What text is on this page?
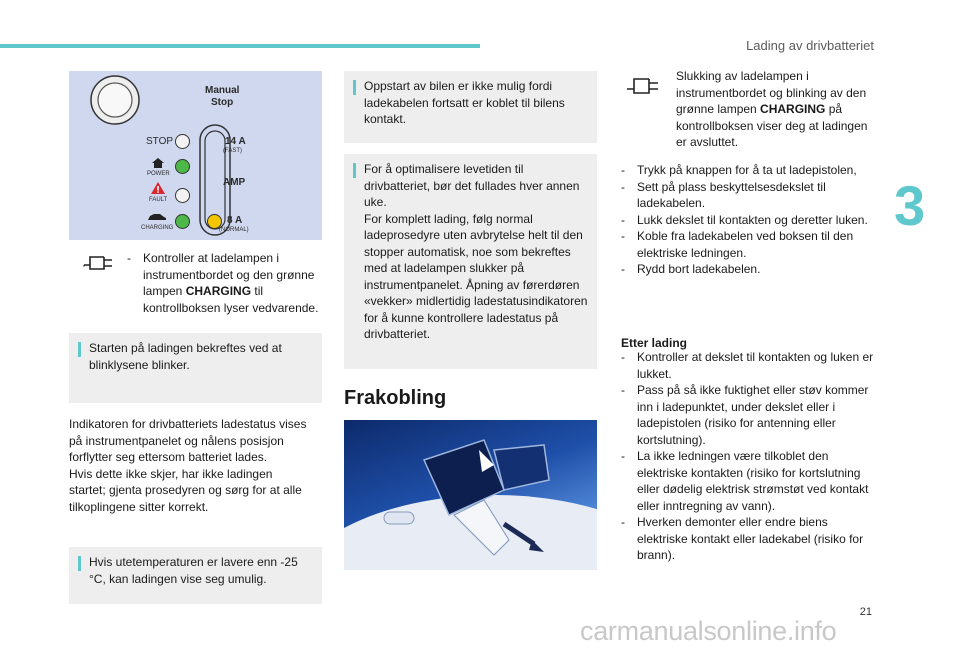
Lading av drivbatteriet
3
21
Manual
Stop
STOP
POWER
FAULT
CHARGING
14 A
(FAST)
AMP
8 A
(NORMAL)
- Kontroller at ladelampen i instrumentbordet og den grønne lampen CHARGING til kontrollboksen lyser vedvarende.
Starten på ladingen bekreftes ved at blinklysene blinker.
Indikatoren for drivbatteriets ladestatus vises
på instrumentpanelet og nålens posisjon
forflytter seg ettersom batteriet lades.
Hvis dette ikke skjer, har ikke ladingen
startet; gjenta prosedyren og sørg for at alle
tilkoplingene sitter korrekt.
Hvis utetemperaturen er lavere enn -25 °C, kan ladingen vise seg umulig.
Oppstart av bilen er ikke mulig fordi ladekabelen fortsatt er koblet til bilens kontakt.
For å optimalisere levetiden til drivbatteriet, bør det fullades hver annen uke.
For komplett lading, følg normal ladeprosedyre uten avbrytelse helt til den stopper automatisk, noe som bekreftes med at ladelampen slukker på instrumentpanelet. Åpning av førerdøren «vekker» midlertidig ladestatusindikatoren for å kunne kontrollere ladestatus på drivbatteriet.
Frakobling
Slukking av ladelampen i instrumentbordet og blinking av den grønne lampen CHARGING på kontrollboksen viser deg at ladingen er avsluttet.
- Trykk på knappen for å ta ut ladepistolen,
- Sett på plass beskyttelsesdekslet til ladekabelen.
- Lukk dekslet til kontakten og deretter luken.
- Koble fra ladekabelen ved boksen til den elektriske ledningen.
- Rydd bort ladekabelen.
Etter lading
- Kontroller at dekslet til kontakten og luken er lukket.
- Pass på så ikke fuktighet eller støv kommer inn i ladepunktet, under dekslet eller i ladepistolen (risiko for antenning eller kortslutning).
- La ikke ledningen være tilkoblet den elektriske kontakten (risiko for kortslutning eller dødelig elektrisk strømstøt ved kontakt eller inntregning av vann).
- Hverken demonter eller endre biens elektriske kontakt eller ladekabel (risiko for brann).
carmanualsonline.info
